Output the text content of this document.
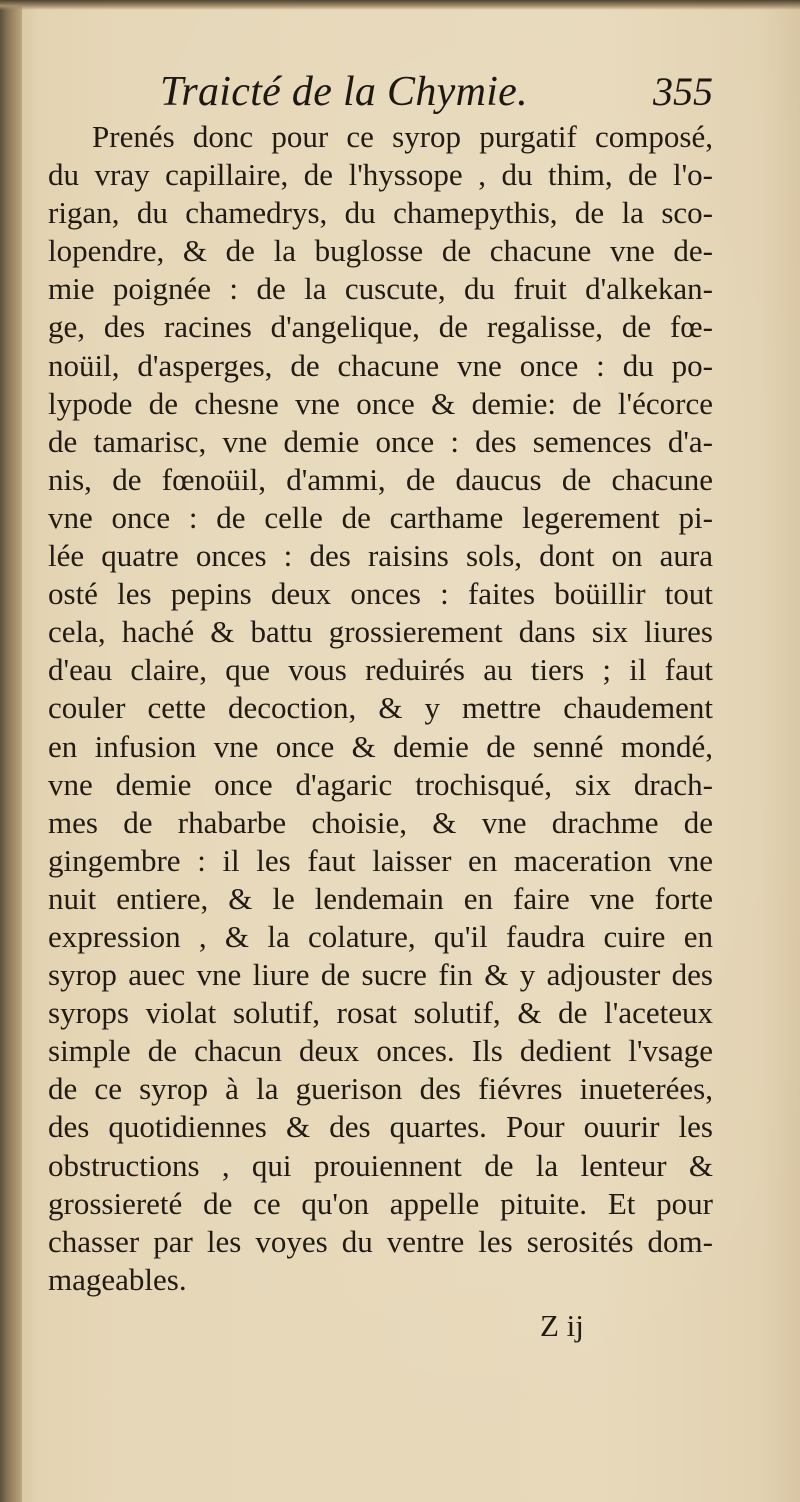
Traicté de la Chymie.	355
Prenés donc pour ce syrop purgatif composé,
du vray capillaire, de l'hyssope , du thim, de l'o-
rigan, du chamedrys, du chamepythis, de la sco-
lopendre, & de la buglosse de chacune vne de-
mie poignée : de la cuscute, du fruit d'alkekan-
ge, des racines d'angelique, de regalisse, de fœ-
noüil, d'asperges, de chacune vne once : du po-
lypode de chesne vne once & demie: de l'écorce
de tamarisc, vne demie once : des semences d'a-
nis, de fœnoüil, d'ammi, de daucus de chacune
vne once : de celle de carthame legerement pi-
lée quatre onces : des raisins sols, dont on aura
osté les pepins deux onces : faites boüillir tout
cela, haché & battu grossierement dans six liures
d'eau claire, que vous reduirés au tiers ; il faut
couler cette decoction, & y mettre chaudement
en infusion vne once & demie de senné mondé,
vne demie once d'agaric trochisqué, six drach-
mes de rhabarbe choisie, & vne drachme de
gingembre : il les faut laisser en maceration vne
nuit entiere, & le lendemain en faire vne forte
expression , & la colature, qu'il faudra cuire en
syrop auec vne liure de sucre fin & y adjouster des
syrops violat solutif, rosat solutif, & de l'aceteux
simple de chacun deux onces. Ils dedient l'vsage
de ce syrop à la guerison des fiévres inueterées,
des quotidiennes & des quartes. Pour ouurir les
obstructions , qui prouiennent de la lenteur &
grossiereté de ce qu'on appelle pituite. Et pour
chasser par les voyes du ventre les serosités dom-
mageables.
Z ij
